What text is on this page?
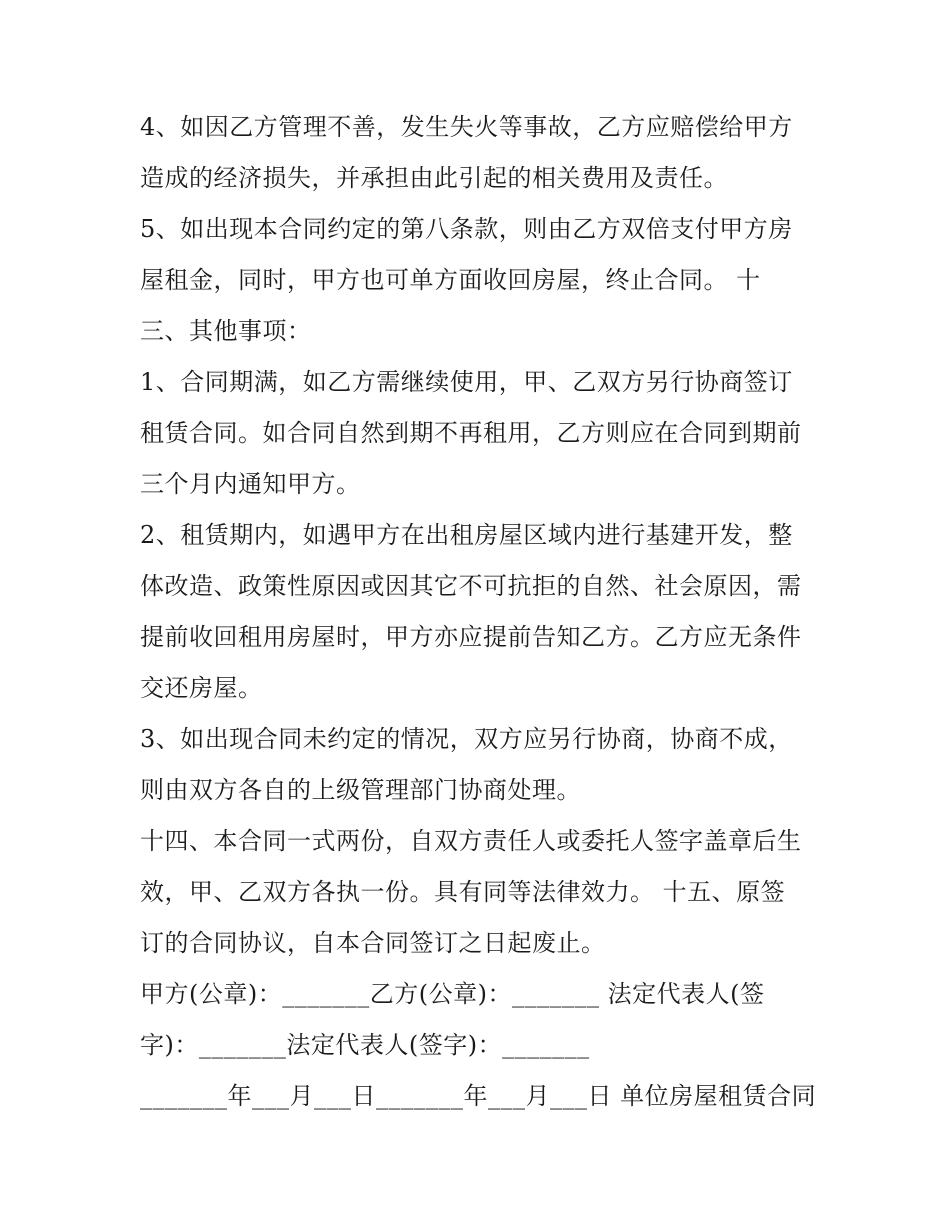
4、如因乙方管理不善，发生失火等事故，乙方应赔偿给甲方
造成的经济损失，并承担由此引起的相关费用及责任。
5、如出现本合同约定的第八条款，则由乙方双倍支付甲方房
屋租金，同时，甲方也可单方面收回房屋，终止合同。 十
三、其他事项：
1、合同期满，如乙方需继续使用，甲、乙双方另行协商签订
租赁合同。如合同自然到期不再租用，乙方则应在合同到期前
三个月内通知甲方。
2、租赁期内，如遇甲方在出租房屋区域内进行基建开发，整
体改造、政策性原因或因其它不可抗拒的自然、社会原因，需
提前收回租用房屋时，甲方亦应提前告知乙方。乙方应无条件
交还房屋。
3、如出现合同未约定的情况，双方应另行协商，协商不成，
则由双方各自的上级管理部门协商处理。
十四、本合同一式两份，自双方责任人或委托人签字盖章后生
效，甲、乙双方各执一份。具有同等法律效力。 十五、原签
订的合同协议，自本合同签订之日起废止。
甲方(公章)：_______乙方(公章)：_______ 法定代表人(签
字)：_______法定代表人(签字)：_______
_______年___月___日_______年___月___日 单位房屋租赁合同
